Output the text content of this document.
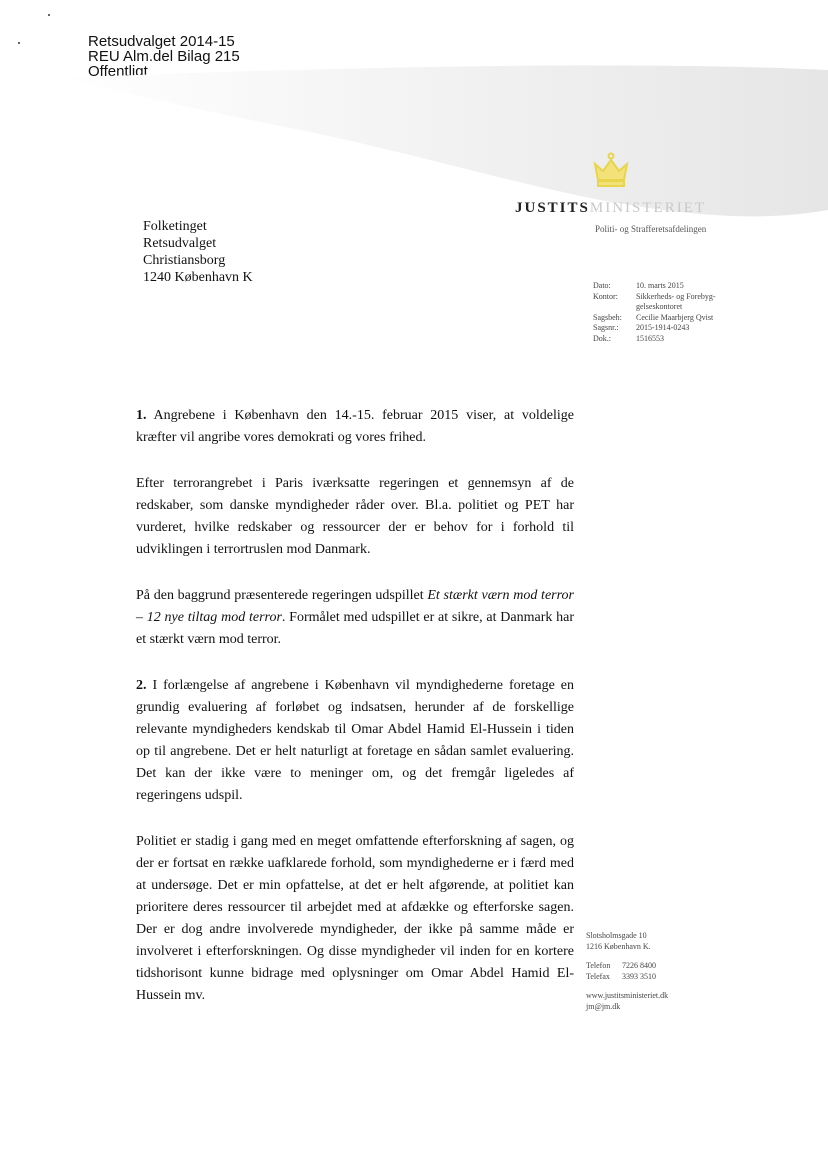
Retsudvalget 2014-15
REU Alm.del Bilag 215
Offentligt
JUSTITSMINISTERIET
Politi- og Strafferetsafdelingen
Folketinget
Retsudvalget
Christiansborg
1240 København K
Dato:	10. marts 2015
Kontor:	Sikkerheds- og Forebyg-
	gelseskontoret
Sagsbeh:	Cecilie Maarbjerg Qvist
Sagsnr.:	2015-1914-0243
Dok.:	1516553

1. Angrebene i København den 14.-15. februar 2015 viser, at voldelige kræfter vil angribe vores demokrati og vores frihed.

Efter terrorangrebet i Paris iværksatte regeringen et gennemsyn af de redskaber, som danske myndigheder råder over. Bl.a. politiet og PET har vurderet, hvilke redskaber og ressourcer der er behov for i forhold til udviklingen i terrortruslen mod Danmark.

På den baggrund præsenterede regeringen udspillet Et stærkt værn mod terror – 12 nye tiltag mod terror. Formålet med udspillet er at sikre, at Danmark har et stærkt værn mod terror.

2. I forlængelse af angrebene i København vil myndighederne foretage en grundig evaluering af forløbet og indsatsen, herunder af de forskellige relevante myndigheders kendskab til Omar Abdel Hamid El-Hussein i tiden op til angrebene. Det er helt naturligt at foretage en sådan samlet evaluering. Det kan der ikke være to meninger om, og det fremgår ligeledes af regeringens udspil.

Politiet er stadig i gang med en meget omfattende efterforskning af sagen, og der er fortsat en række uafklarede forhold, som myndighederne er i færd med at undersøge. Det er min opfattelse, at det er helt afgørende, at politiet kan prioritere deres ressourcer til arbejdet med at afdække og efterforske sagen. Der er dog andre involverede myndigheder, der ikke på samme måde er involveret i efterforskningen. Og disse myndigheder vil inden for en kortere tidshorisont kunne bidrage med oplysninger om Omar Abdel Hamid El-Hussein mv.

Slotsholmsgade 10
1216 København K.
Telefon	7226 8400
Telefax	3393 3510
www.justitsministeriet.dk
jm@jm.dk
